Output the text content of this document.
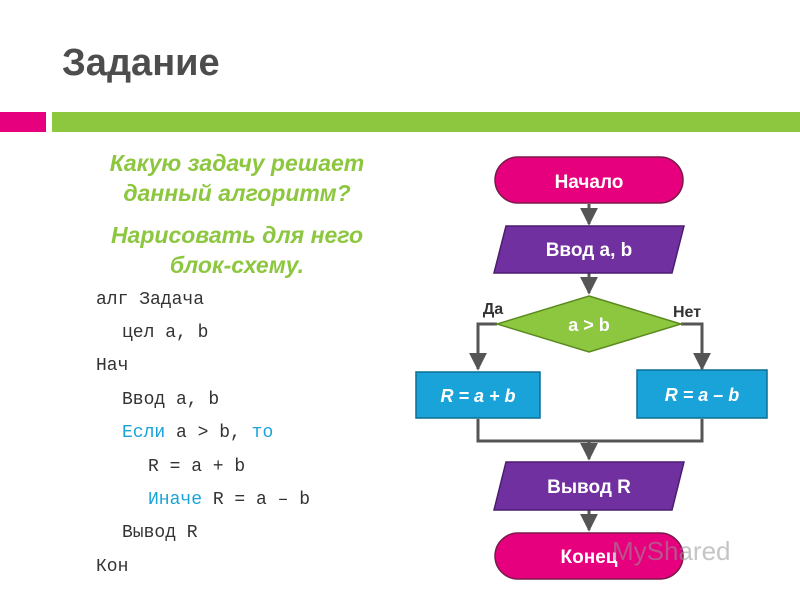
Задание
Какую задачу решает
данный алгоритм?
Нарисовать для него
блок-схему.
алг Задача
цел a, b
Нач
Ввод a, b
Если a > b, то
R = a + b
Иначе R = a – b
Вывод R
Кон
Начало
Ввод a, b
a > b
Да	Нет
R = a + b	R = a – b
Вывод R
Конец
MyShared
